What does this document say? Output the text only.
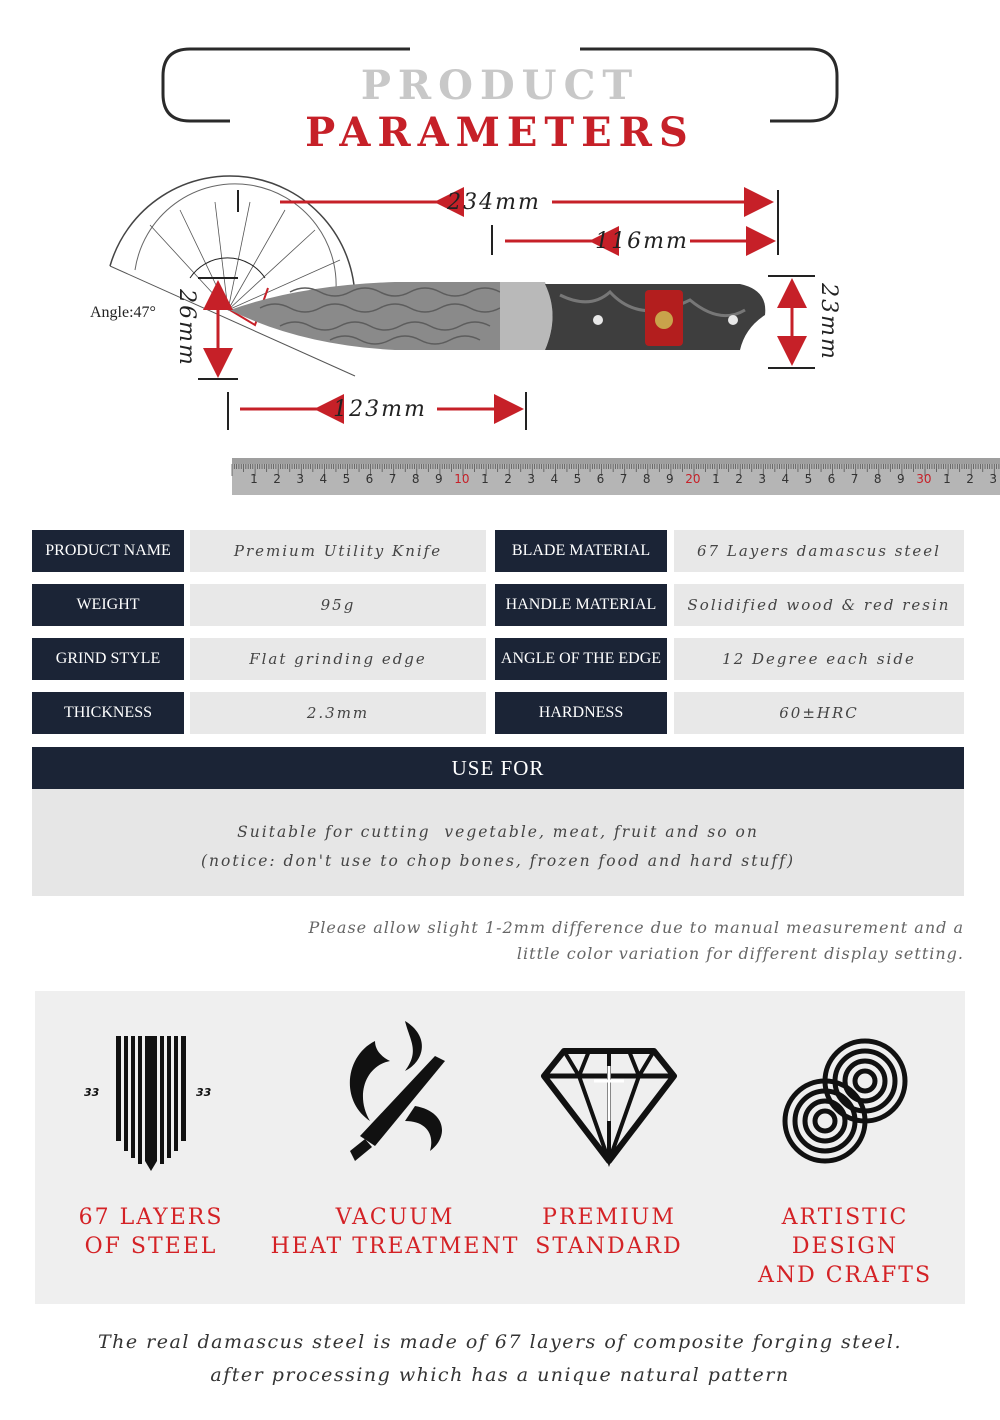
PRODUCT PARAMETERS
234mm
116mm
26mm	23mm
123mm
Angle:47°
1 2 3 4 5 6 7 8 9 10 1 2 3 4 5 6 7 8 9 20 1 2 3 4 5 6 7 8 9 30 1 2 3
PRODUCT NAME	Premium Utility Knife	BLADE MATERIAL	67 Layers damascus steel
WEIGHT	95g	HANDLE MATERIAL	Solidified wood & red resin
GRIND STYLE	Flat grinding edge	ANGLE OF THE EDGE	12 Degree each side
THICKNESS	2.3mm	HARDNESS	60±HRC
USE FOR
Suitable for cutting  vegetable, meat, fruit and so on
(notice: don't use to chop bones, frozen food and hard stuff)
Please allow slight 1-2mm difference due to manual measurement and a
little color variation for different display setting.
33	33
67 LAYERS
OF STEEL
VACUUM
HEAT TREATMENT
PREMIUM
STANDARD
ARTISTIC DESIGN
AND CRAFTS
The real damascus steel is made of 67 layers of composite forging steel.
after processing which has a unique natural pattern
